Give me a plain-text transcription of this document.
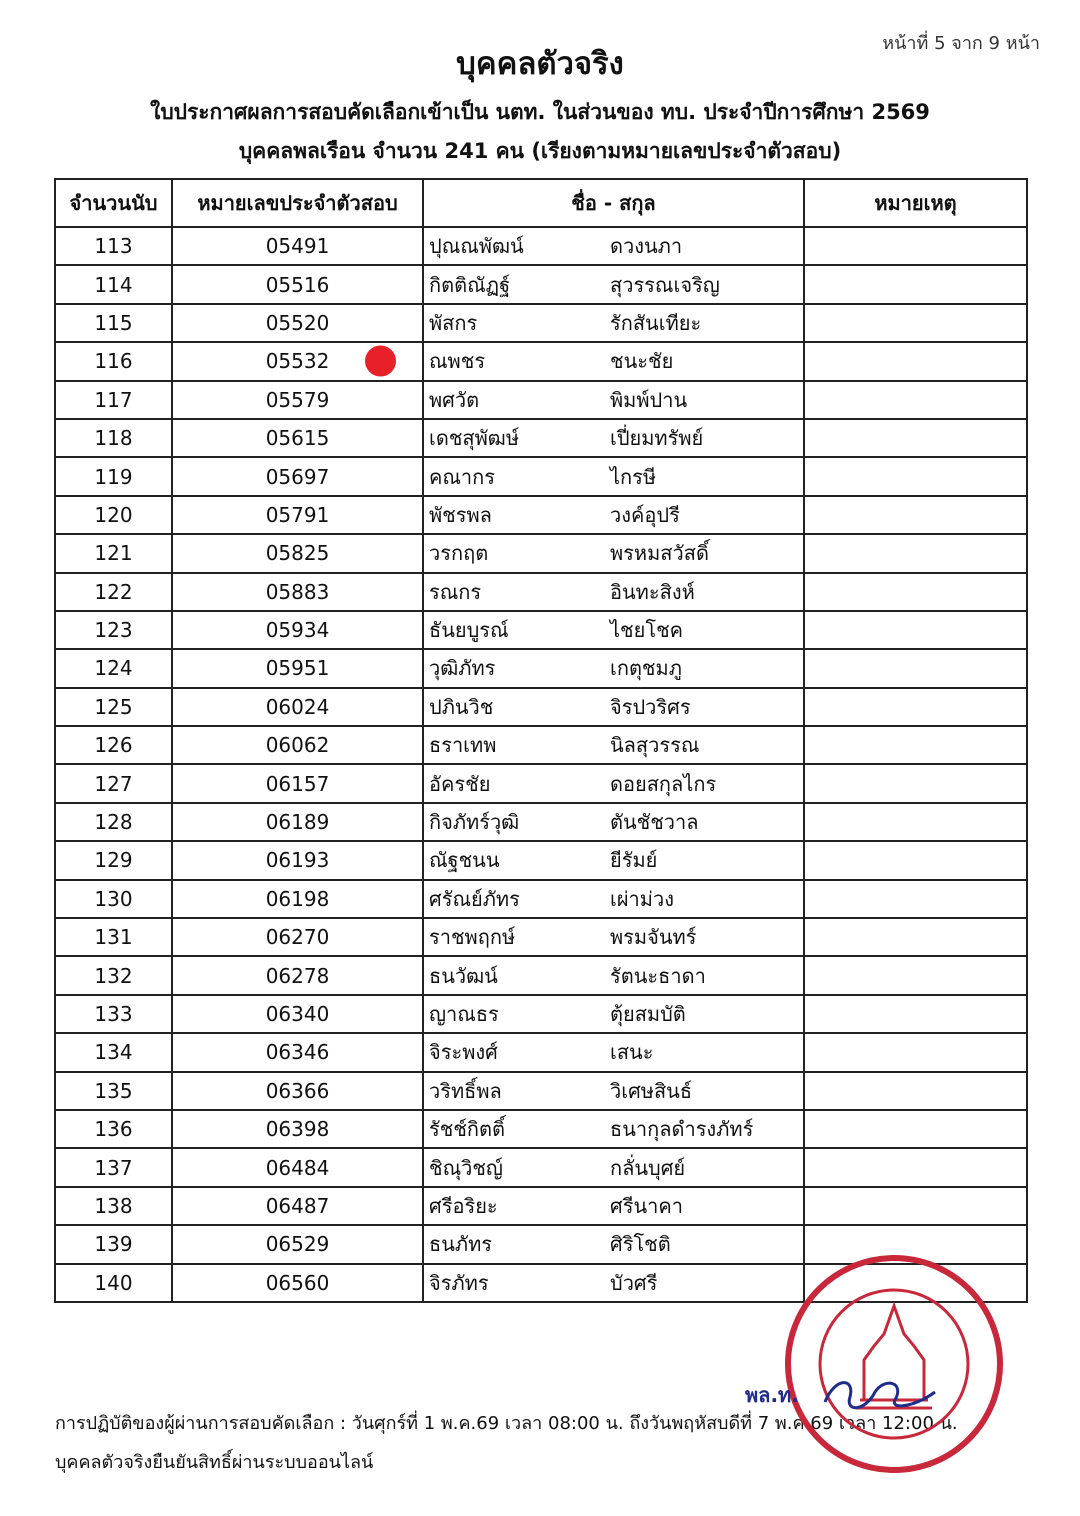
หน้าที่ 5 จาก 9 หน้า
บุคคลตัวจริง
ใบประกาศผลการสอบคัดเลือกเข้าเป็น นตท. ในส่วนของ ทบ. ประจำปีการศึกษา 2569
บุคคลพลเรือน จำนวน 241 คน (เรียงตามหมายเลขประจำตัวสอบ)
จำนวนนับ	หมายเลขประจำตัวสอบ	ชื่อ - สกุล	หมายเหตุ
113	05491	ปุณณพัฒน์ ดวงนภา	

114	05516	กิตติณัฏฐ์ สุวรรณเจริญ	

115	05520	พัสกร รักสันเทียะ	

116	05532	ณพชร ชนะชัย	

117	05579	พศวัต พิมพ์ปาน	

118	05615	เดชสุพัฒษ์ เปี่ยมทรัพย์	

119	05697	คณากร ไกรษี	

120	05791	พัชรพล วงค์อุปรี	

121	05825	วรกฤต พรหมสวัสดิ์	

122	05883	รณกร อินทะสิงห์	

123	05934	ธันยบูรณ์ ไชยโชค	

124	05951	วุฒิภัทร เกตุชมภู	

125	06024	ปภินวิช จิรปวริศร	

126	06062	ธราเทพ นิลสุวรรณ	

127	06157	อัครชัย ดอยสกุลไกร	

128	06189	กิจภัทร์วุฒิ ตันชัชวาล	

129	06193	ณัฐชนน ยีรัมย์	

130	06198	ศรัณย์ภัทร เผ่าม่วง	

131	06270	ราชพฤกษ์ พรมจันทร์	

132	06278	ธนวัฒน์ รัตนะธาดา	

133	06340	ญาณธร ตุ้ยสมบัติ	

134	06346	จิระพงศ์ เสนะ	

135	06366	วริทธิ์พล วิเศษสินธ์	

136	06398	รัชช์กิตติ์ ธนากุลดำรงภัทร์	

137	06484	ชิณุวิชญ์ กลั่นบุศย์	

138	06487	ศรีอริยะ ศรีนาคา	

139	06529	ธนภัทร ศิริโชติ	

140	06560	จิรภัทร บัวศรี	

การปฏิบัติของผู้ผ่านการสอบคัดเลือก : วันศุกร์ที่ 1 พ.ค.69 เวลา 08:00 น. ถึงวันพฤหัสบดีที่ 7 พ.ค.69 เวลา 12:00 น.
บุคคลตัวจริงยืนยันสิทธิ์ผ่านระบบออนไลน์
พล.ท.
